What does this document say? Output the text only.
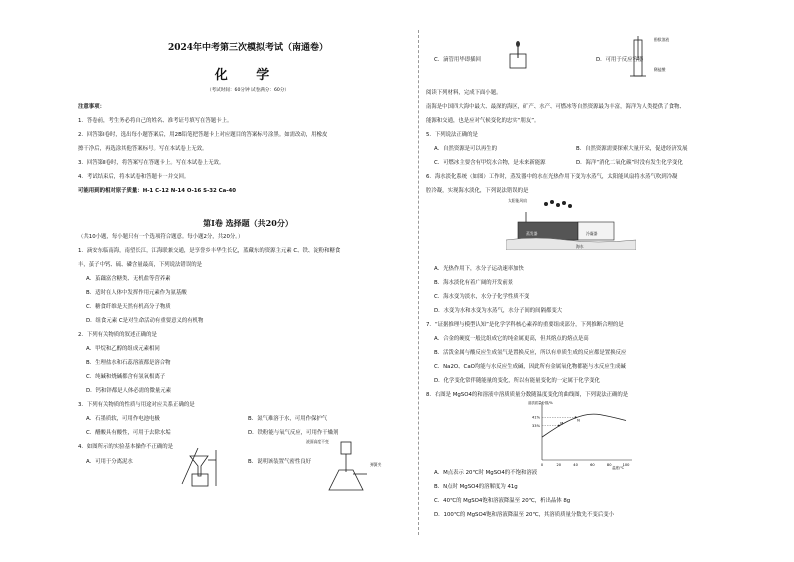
2024年中考第三次模拟考试（南通卷）
化 学
（考试时间：60分钟 试卷满分：60分）
注意事项：
1．答卷前，考生务必将自己的姓名、准考证号填写在答题卡上。
2．回答第Ⅰ卷时，选出每小题答案后，用2B铅笔把答题卡上对应题目的答案标号涂黑。如需改动，用橡皮
擦干净后，再选涂其他答案标号。写在本试卷上无效。
3．回答第Ⅱ卷时，将答案写在答题卡上。写在本试卷上无效。
4．考试结束后，将本试卷和答题卡一并交回。
可能用到的相对原子质量：H-1 C-12 N-14 O-16 S-32 Ca-40
第Ⅰ卷 选择题（共20分）
（共10小题，每小题只有一个选项符合题意。每小题2分，共20分。）
1．滴安东临南海，南望长江，江海联兼交通，是享誉乡丰华生长亿，蓝藏东的资源主元素 C、铁、淀粉和糖食
丰，茧子中钙、硫、磷含量最高，下列说法错误的是
A．茧藕富含糖类、无机盐等营养素
B．适时在人体中发挥作用元素作为氨基酸
C．糖食纤维是天然有机高分子物质
D．组食元素 C是对生命活动有重要意义的有机物
2．下列有关物质的叙述正确的是
A．甲烷和乙醇的组成元素相同
B．生理盐水和石蕊溶液都是溶合物
C．纯碱和烧碱都含有氢氧根离子
D．钙和锌都是人体必需的微量元素
3．下列有关物质的性质与用途对应关系正确的是
A．石墨质软，可用作电池电极	B．氮气难溶于水，可用作保护气
C．醋酸具有酸性，可用于去除水垢	D．铁粉能与氧气反应，可用作干燥剂
4．如图所示的实验基本操作不正确的是
A．可用于分离泥水
液面高度不变
弹簧夹
B．说明该装置气密性良好
C．滴管用毕即插回
酚酞溶液
稀盐酸
D．可用于反应容器
阅读下列材料，完成下面小题。
南海是中国四大海中最大、最深的海区，矿产、水产、可燃冰等自然资源最为丰富，海洋为人类提供了食物、
能源和交通，也是应对气候变化的忠实“朋友”。
5．下列说法正确的是
A．自然资源是可以再生的	B．自然资源需要探索大量开采，促进经济发展
C．可燃冰主要含有甲烷水合物，是未来新能源	D．海洋“消化二氧化碳”时没有发生化学变化
6．海水淡化系统（如图）工作时，蒸发器中的水在光热作用下变为水蒸气，太阳能风扇将水蒸气吹到冷凝
腔冷凝，实现海水淡化，下列说法错误的是
太阳能风扇
蒸发器	冷凝器
海水
A．光热作用下，水分子运动速率加快
B．海水淡化有着广阔的开发前景
C．海水变为淡水，水分子化学性质不变
D．水变为水和水变为水蒸气，水分子间的间隔都变大
7．“证据推理与模型认知”是化学学科核心素养的重要组成部分，下列推断合理的是
A．合金的硬度一般比组成它的纯金属更高，但其熔点的熔点是高
B．活泼金属与酸反应生成氢气是置换反应，所以有单质生成的反应都是置换反应
C．Na2O、CaO均能与水反应生成碱，因此所有金属氧化物都能与水反应生成碱
D．化学变化常伴随能量的变化，所以有能量变化的一定属于化学变化
8．右图是 MgSO4的和溶液中溶质质量分数随温度变化的曲线图，下列说法正确的是
0	20	40	60	80	100
41%
33%
M
N
溶质质量分数/%
温度/℃
A．M点表示 20℃时 MgSO4的不饱和溶液
B．N点时 MgSO4的溶解度为 41g
C．40℃的 MgSO4饱和溶液降温至 20℃，析出晶体 8g
D．100℃的 MgSO4饱和溶液降温至 20℃，其溶质质量分数先不变后变小
